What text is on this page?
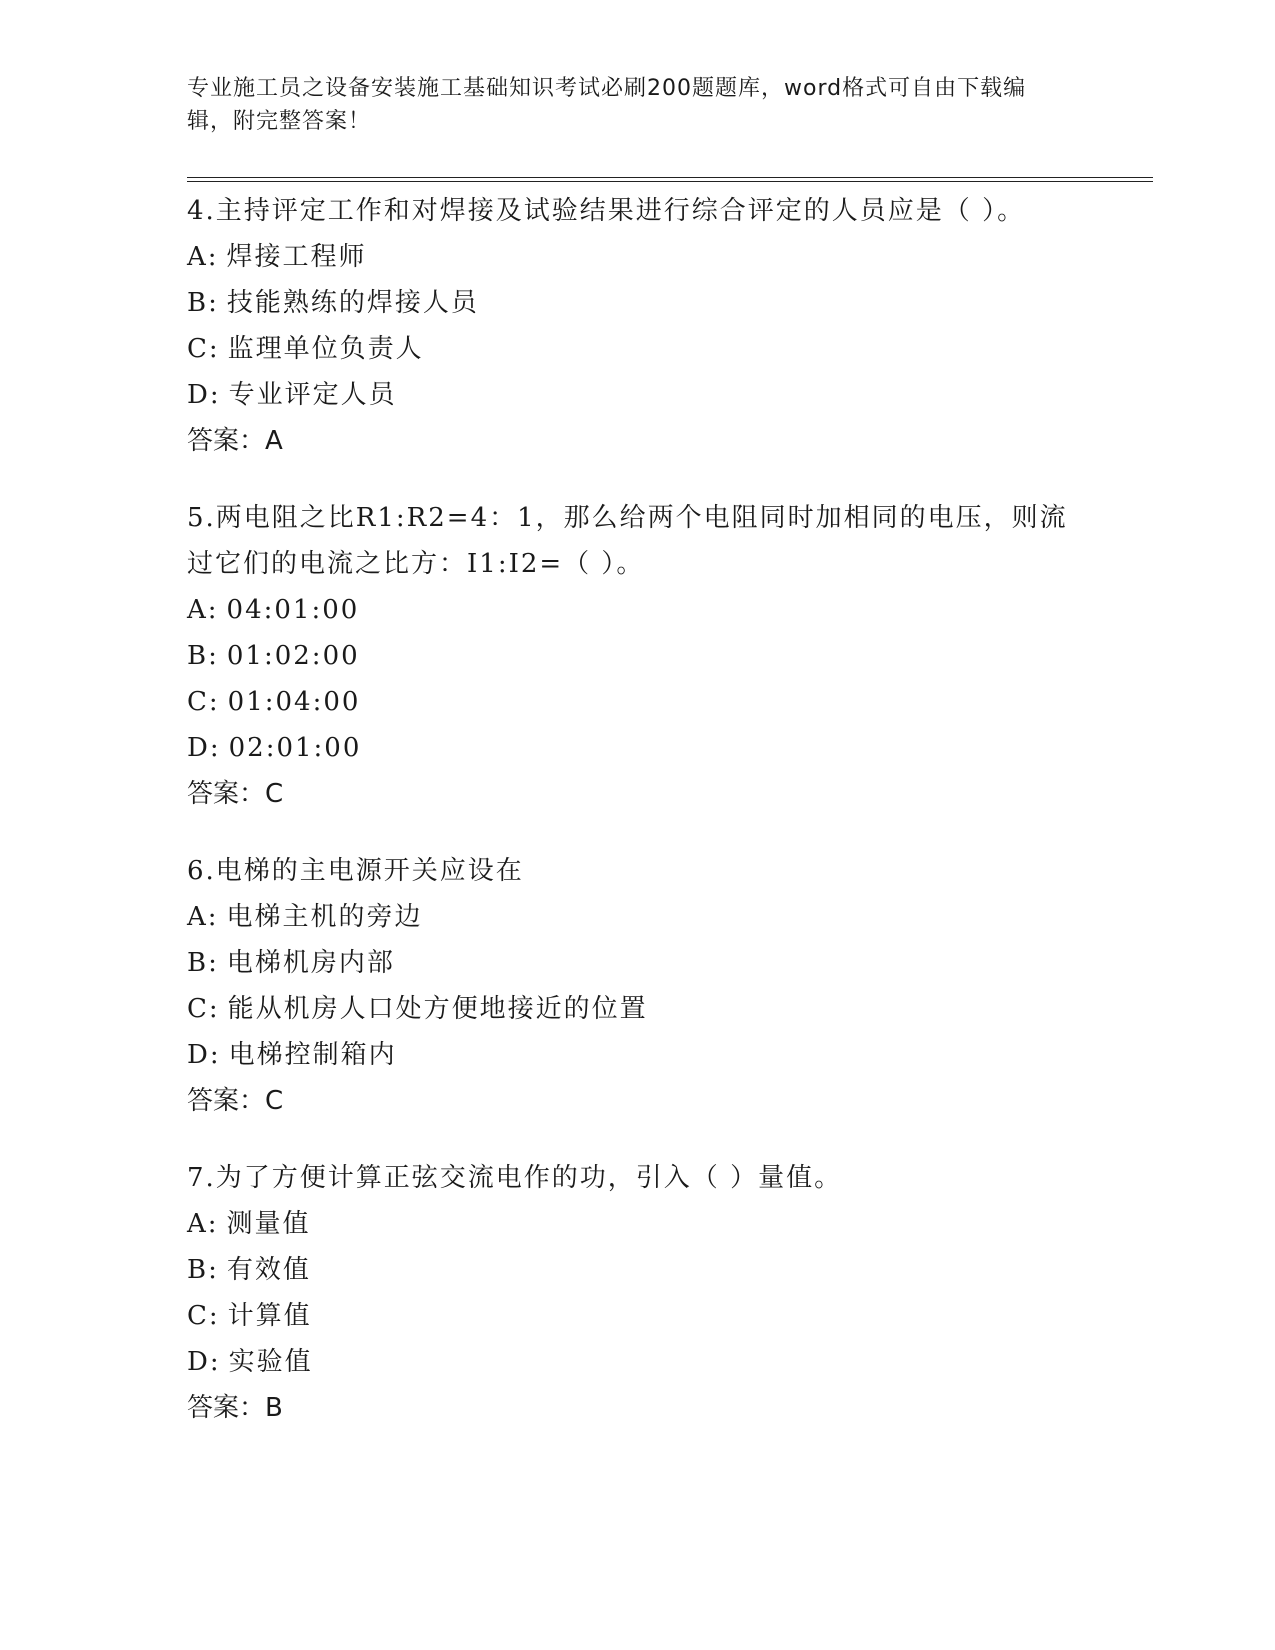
专业施工员之设备安装施工基础知识考试必刷200题题库，word格式可自由下载编辑，附完整答案！
4.主持评定工作和对焊接及试验结果进行综合评定的人员应是（ ）。
A: 焊接工程师
B: 技能熟练的焊接人员
C: 监理单位负责人
D: 专业评定人员
答案：A
5.两电阻之比R1:R2=4：1，那么给两个电阻同时加相同的电压，则流过它们的电流之比方：I1:I2=（ ）。
A: 04:01:00
B: 01:02:00
C: 01:04:00
D: 02:01:00
答案：C
6.电梯的主电源开关应设在
A: 电梯主机的旁边
B: 电梯机房内部
C: 能从机房人口处方便地接近的位置
D: 电梯控制箱内
答案：C
7.为了方便计算正弦交流电作的功，引入（ ）量值。
A: 测量值
B: 有效值
C: 计算值
D: 实验值
答案：B
